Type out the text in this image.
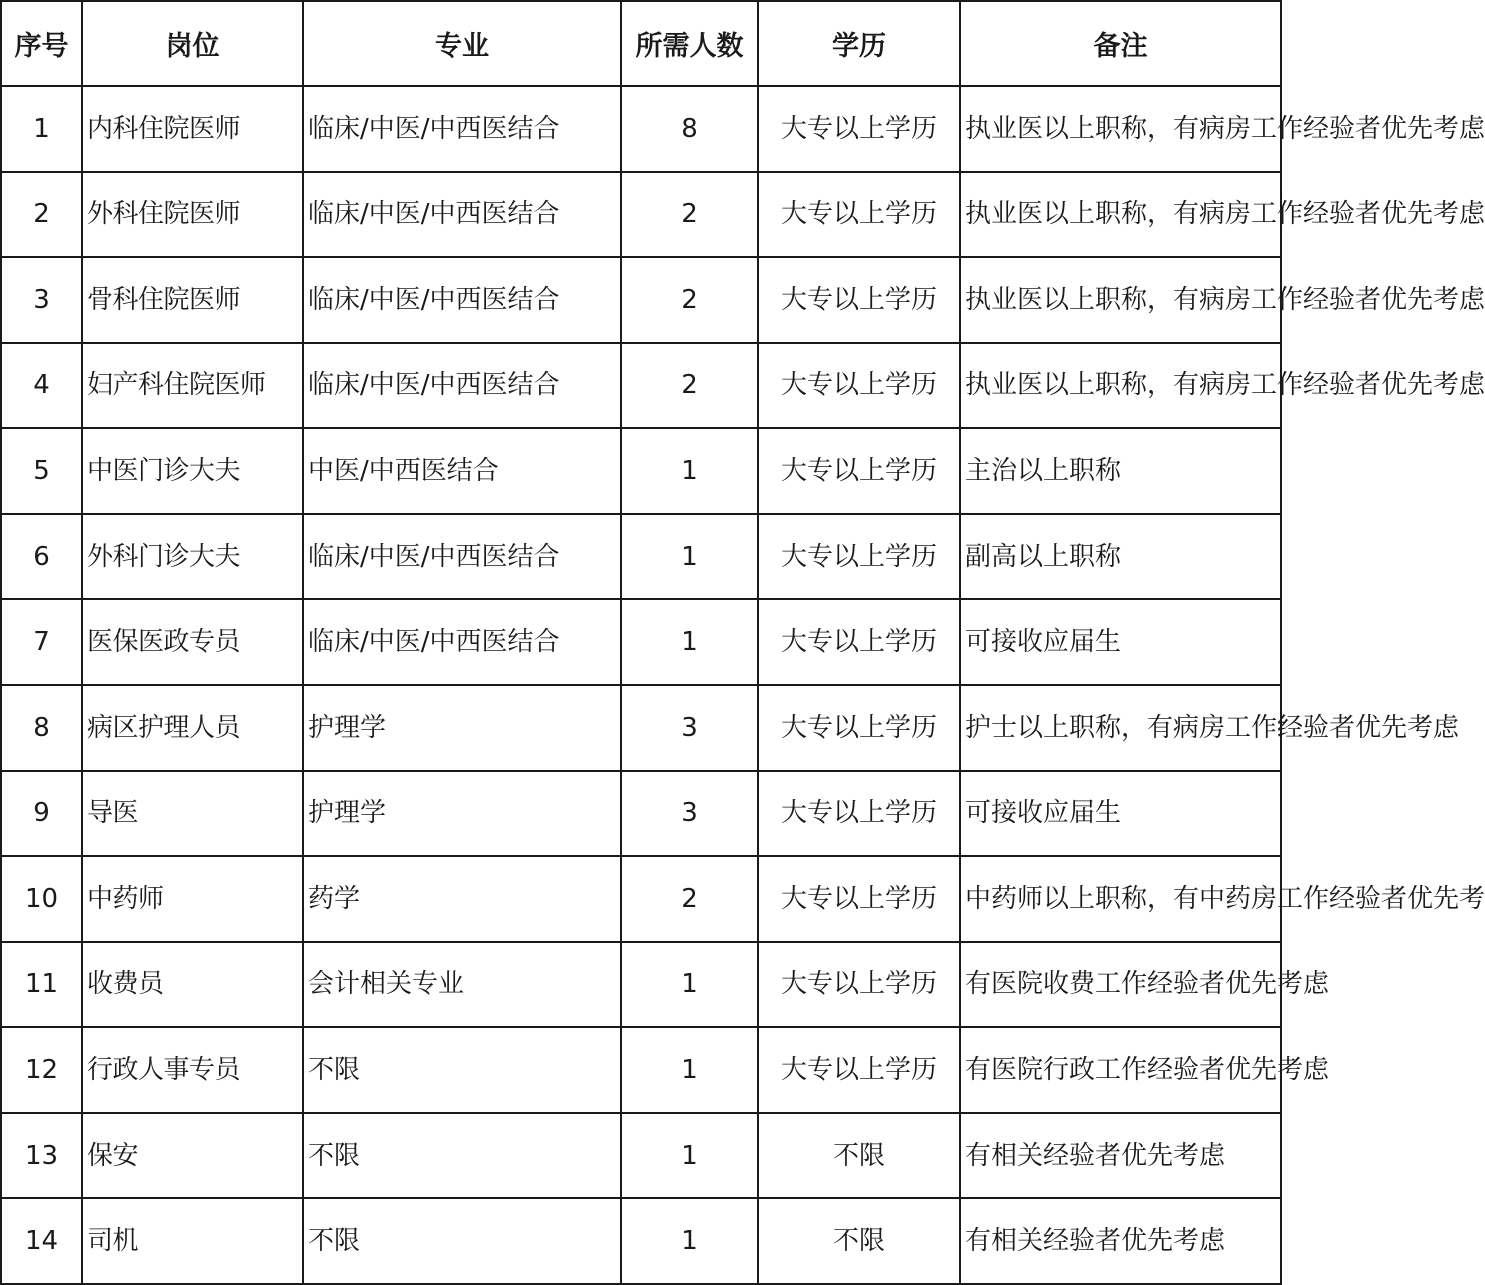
序号	岗位	专业	所需人数	学历	备注
1	内科住院医师	临床/中医/中西医结合	8	大专以上学历	执业医以上职称，有病房工作经验者优先考虑

2	外科住院医师	临床/中医/中西医结合	2	大专以上学历	执业医以上职称，有病房工作经验者优先考虑

3	骨科住院医师	临床/中医/中西医结合	2	大专以上学历	执业医以上职称，有病房工作经验者优先考虑

4	妇产科住院医师	临床/中医/中西医结合	2	大专以上学历	执业医以上职称，有病房工作经验者优先考虑

5	中医门诊大夫	中医/中西医结合	1	大专以上学历	主治以上职称

6	外科门诊大夫	临床/中医/中西医结合	1	大专以上学历	副高以上职称

7	医保医政专员	临床/中医/中西医结合	1	大专以上学历	可接收应届生

8	病区护理人员	护理学	3	大专以上学历	护士以上职称，有病房工作经验者优先考虑

9	导医	护理学	3	大专以上学历	可接收应届生

10	中药师	药学	2	大专以上学历	中药师以上职称，有中药房工作经验者优先考

11	收费员	会计相关专业	1	大专以上学历	有医院收费工作经验者优先考虑

12	行政人事专员	不限	1	大专以上学历	有医院行政工作经验者优先考虑

13	保安	不限	1	不限	有相关经验者优先考虑

14	司机	不限	1	不限	有相关经验者优先考虑
